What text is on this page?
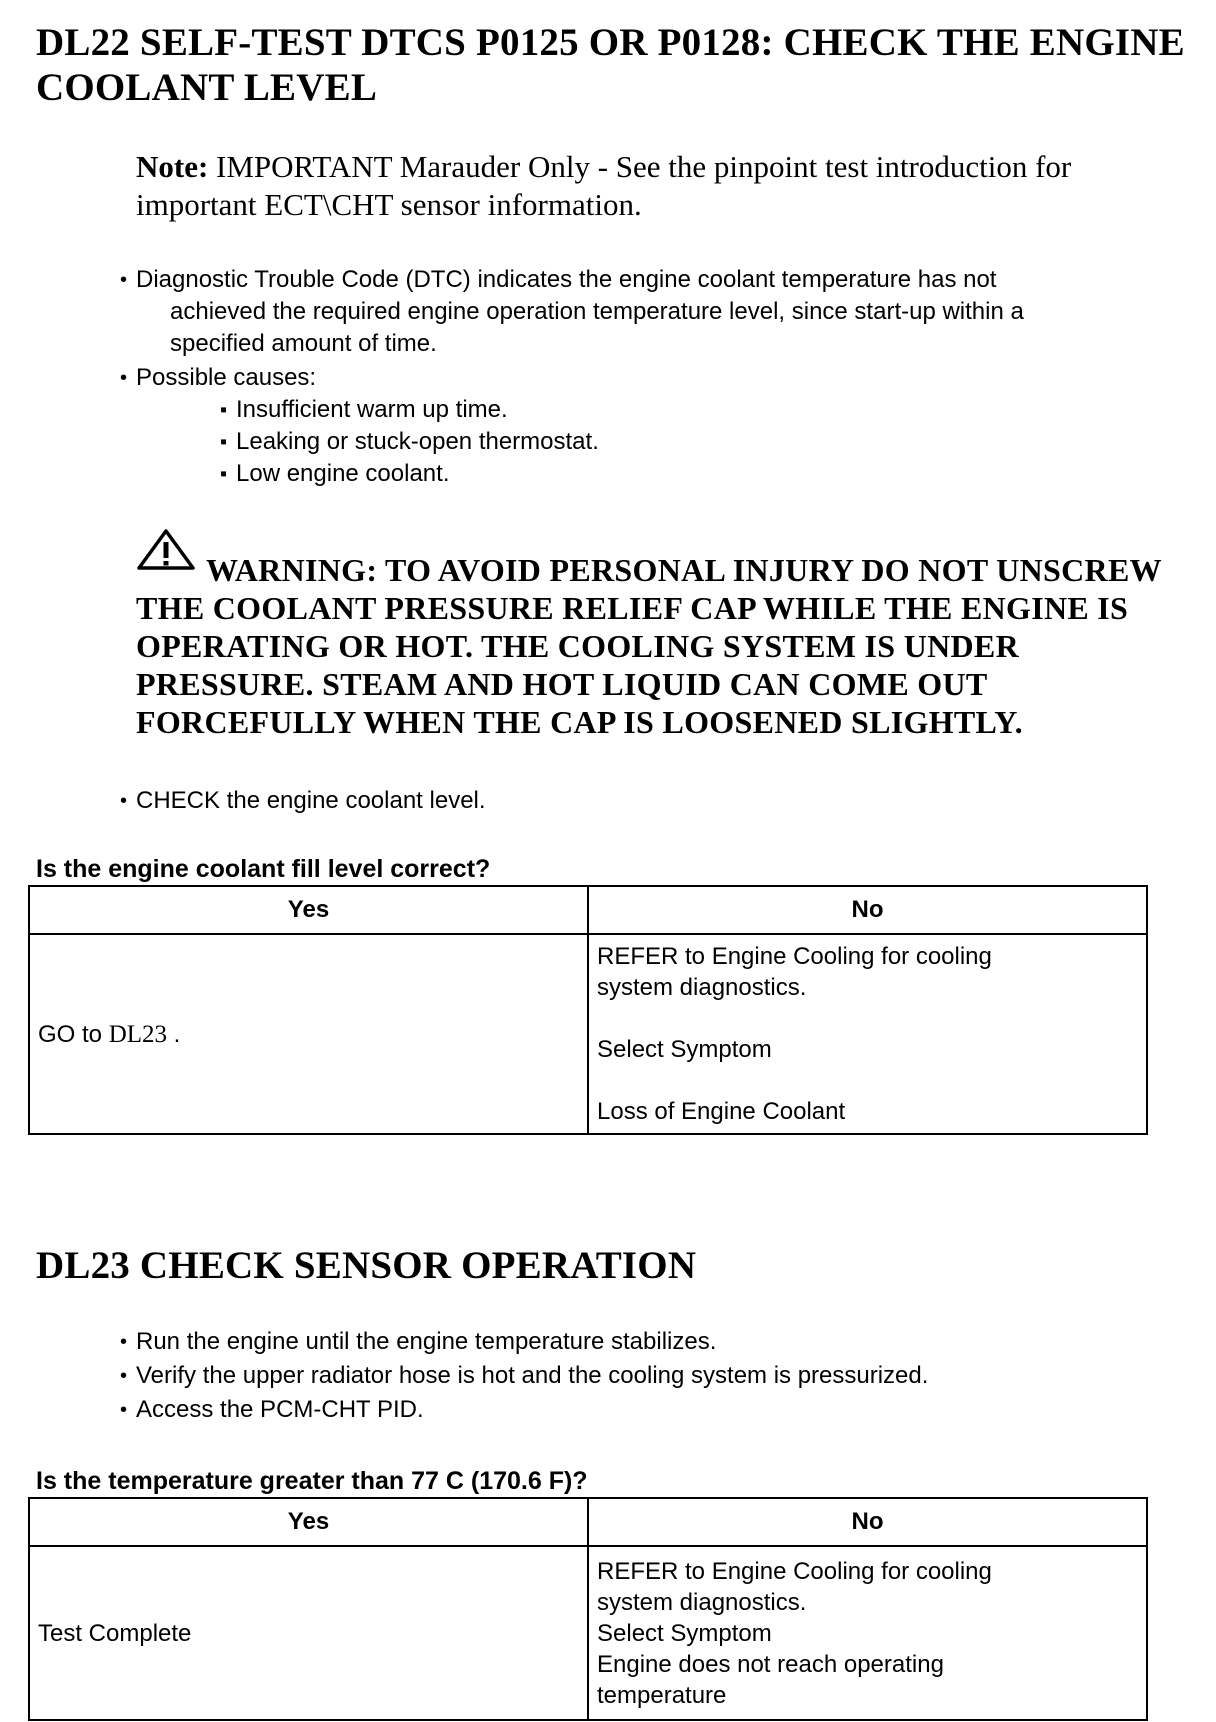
DL22 SELF-TEST DTCS P0125 OR P0128: CHECK THE ENGINE
COOLANT LEVEL
Note: IMPORTANT Marauder Only - See the pinpoint test introduction for
important ECT\CHT sensor information.
• Diagnostic Trouble Code (DTC) indicates the engine coolant temperature has not
achieved the required engine operation temperature level, since start-up within a
specified amount of time.
• Possible causes:
▪ Insufficient warm up time.
▪ Leaking or stuck-open thermostat.
▪ Low engine coolant.
WARNING: TO AVOID PERSONAL INJURY DO NOT UNSCREW
THE COOLANT PRESSURE RELIEF CAP WHILE THE ENGINE IS
OPERATING OR HOT. THE COOLING SYSTEM IS UNDER
PRESSURE. STEAM AND HOT LIQUID CAN COME OUT
FORCEFULLY WHEN THE CAP IS LOOSENED SLIGHTLY.
• CHECK the engine coolant level.
Is the engine coolant fill level correct?
Yes	No
GO to DL23 .	REFER to Engine Cooling for cooling
system diagnostics.
Select Symptom
Loss of Engine Coolant
DL23 CHECK SENSOR OPERATION
• Run the engine until the engine temperature stabilizes.
• Verify the upper radiator hose is hot and the cooling system is pressurized.
• Access the PCM-CHT PID.
Is the temperature greater than 77 C (170.6 F)?
Yes	No
Test Complete	REFER to Engine Cooling for cooling
system diagnostics.
Select Symptom
Engine does not reach operating
temperature
